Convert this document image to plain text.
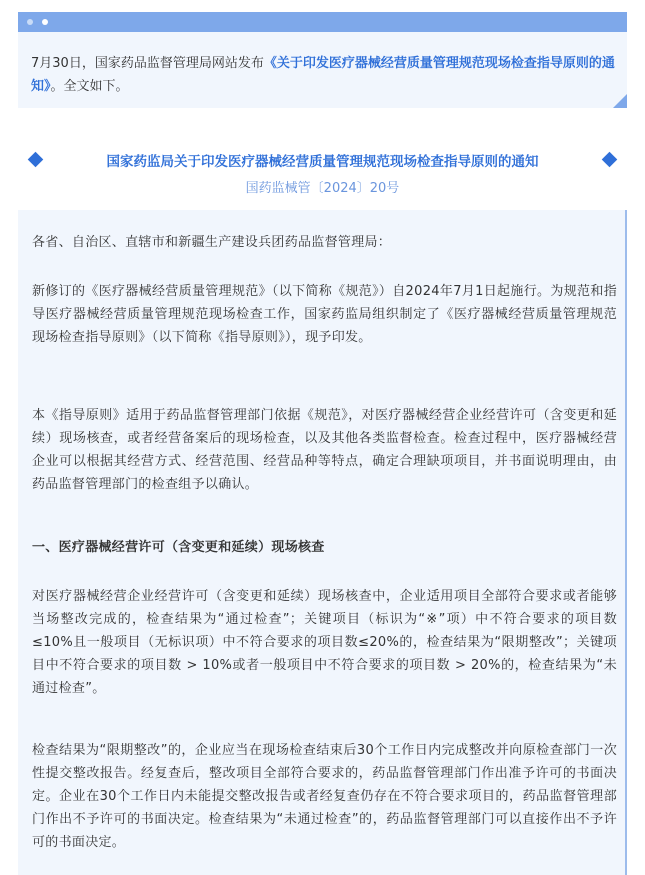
7月30日，国家药品监督管理局网站发布《关于印发医疗器械经营质量管理规范现场检查指导原则的通知》。全文如下。
国家药监局关于印发医疗器械经营质量管理规范现场检查指导原则的通知
国药监械管〔2024〕20号
各省、自治区、直辖市和新疆生产建设兵团药品监督管理局：
新修订的《医疗器械经营质量管理规范》（以下简称《规范》）自2024年7月1日起施行。为规范和指导医疗器械经营质量管理规范现场检查工作，国家药监局组织制定了《医疗器械经营质量管理规范现场检查指导原则》（以下简称《指导原则》），现予印发。
本《指导原则》适用于药品监督管理部门依据《规范》，对医疗器械经营企业经营许可（含变更和延续）现场核查，或者经营备案后的现场检查，以及其他各类监督检查。检查过程中，医疗器械经营企业可以根据其经营方式、经营范围、经营品种等特点，确定合理缺项项目，并书面说明理由，由药品监督管理部门的检查组予以确认。
一、医疗器械经营许可（含变更和延续）现场核查
对医疗器械经营企业经营许可（含变更和延续）现场核查中，企业适用项目全部符合要求或者能够当场整改完成的，检查结果为“通过检查”；关键项目（标识为“※”项）中不符合要求的项目数≤10%且一般项目（无标识项）中不符合要求的项目数≤20%的，检查结果为“限期整改”；关键项目中不符合要求的项目数 > 10%或者一般项目中不符合要求的项目数 > 20%的，检查结果为“未通过检查”。
检查结果为“限期整改”的，企业应当在现场检查结束后30个工作日内完成整改并向原检查部门一次性提交整改报告。经复查后，整改项目全部符合要求的，药品监督管理部门作出准予许可的书面决定。企业在30个工作日内未能提交整改报告或者经复查仍存在不符合要求项目的，药品监督管理部门作出不予许可的书面决定。检查结果为“未通过检查”的，药品监督管理部门可以直接作出不予许可的书面决定。
